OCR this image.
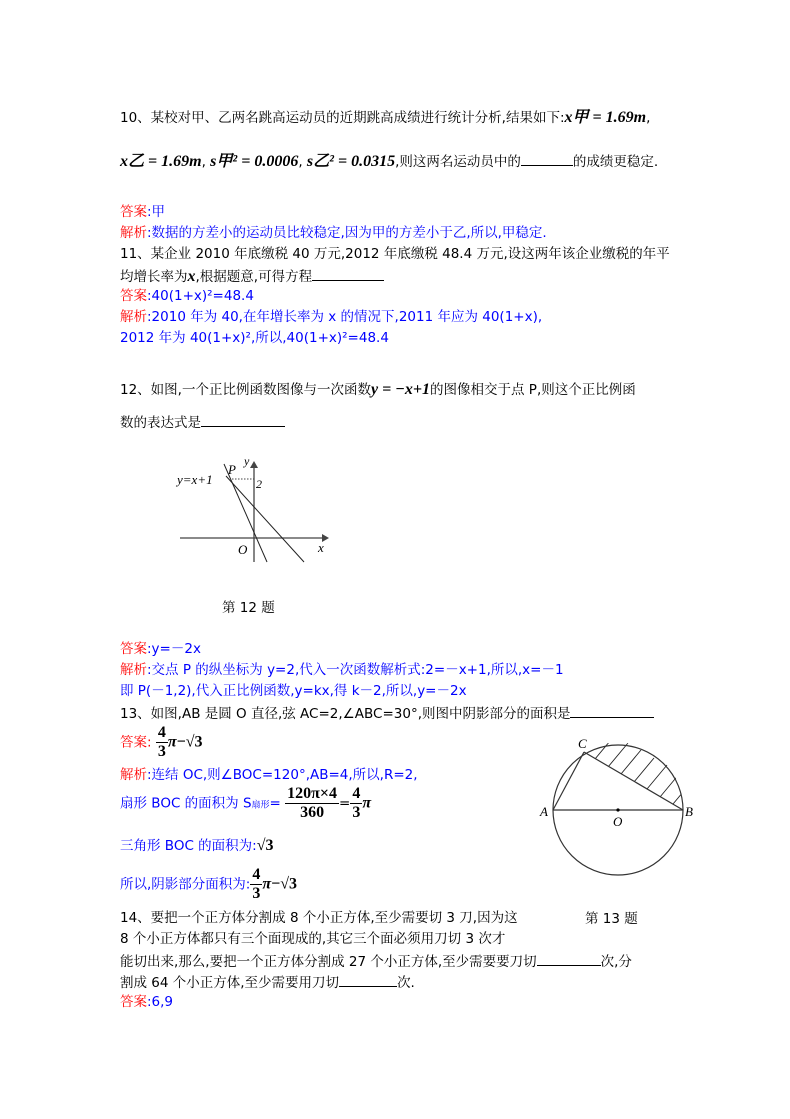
10、某校对甲、乙两名跳高运动员的近期跳高成绩进行统计分析,结果如下:x甲 = 1.69m,
x乙 = 1.69m, s甲² = 0.0006, s乙² = 0.0315,则这两名运动员中的	的成绩更稳定.
答案:甲
解析:数据的方差小的运动员比较稳定,因为甲的方差小于乙,所以,甲稳定.
11、某企业 2010 年底缴税 40 万元,2012 年底缴税 48.4 万元,设这两年该企业缴税的年平
均增长率为x,根据题意,可得方程
答案:40(1+x)²=48.4
解析:2010 年为 40,在年增长率为 x 的情况下,2011 年应为 40(1+x),
2012 年为 40(1+x)²,所以,40(1+x)²=48.4
12、如图,一个正比例函数图像与一次函数y = −x+1的图像相交于点 P,则这个正比例函
数的表达式是
y=x+1
P
y
2
O	x
第 12 题
答案:y=－2x
解析:交点 P 的纵坐标为 y=2,代入一次函数解析式:2=－x+1,所以,x=－1
即 P(－1,2),代入正比例函数,y=kx,得 k－2,所以,y=－2x
13、如图,AB 是圆 O 直径,弦 AC=2,∠ABC=30°,则图中阴影部分的面积是
答案: $\frac{4}{3} \pi-√3$
解析:连结 OC,则∠BOC=120°,AB=4,所以,R=2,
扇形 BOC 的面积为 S扇形= $\frac{120\pi\times 4}{360} = \frac{4}{3}$ π
三角形 BOC 的面积为:√3
所以,阴影部分面积为: $\frac{4}{3} \pi-√3$
C
A
O
B
第 13 题
14、要把一个正方体分割成 8 个小正方体,至少需要切 3 刀,因为这
8 个小正方体都只有三个面现成的,其它三个面必须用刀切 3 次才
能切出来,那么,要把一个正方体分割成 27 个小正方体,至少需要要刀切	次,分
割成 64 个小正方体,至少需要用刀切	次.
答案:6,9
